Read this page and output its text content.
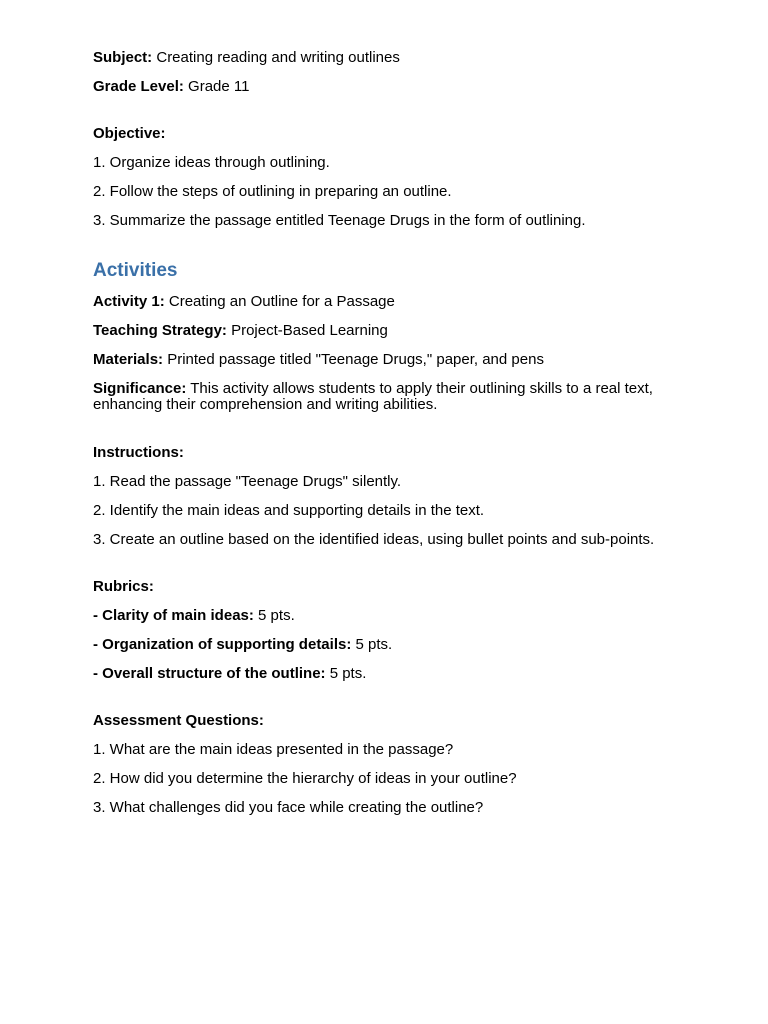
Subject: Creating reading and writing outlines

Grade Level: Grade 11

Objective:

1. Organize ideas through outlining.

2. Follow the steps of outlining in preparing an outline.

3. Summarize the passage entitled Teenage Drugs in the form of outlining.

Activities

Activity 1: Creating an Outline for a Passage

Teaching Strategy: Project-Based Learning

Materials: Printed passage titled "Teenage Drugs," paper, and pens

Significance: This activity allows students to apply their outlining skills to a real text, enhancing their comprehension and writing abilities.

Instructions:

1. Read the passage "Teenage Drugs" silently.

2. Identify the main ideas and supporting details in the text.

3. Create an outline based on the identified ideas, using bullet points and sub-points.

Rubrics:

- Clarity of main ideas: 5 pts.

- Organization of supporting details: 5 pts.

- Overall structure of the outline: 5 pts.

Assessment Questions:

1. What are the main ideas presented in the passage?

2. How did you determine the hierarchy of ideas in your outline?

3. What challenges did you face while creating the outline?
